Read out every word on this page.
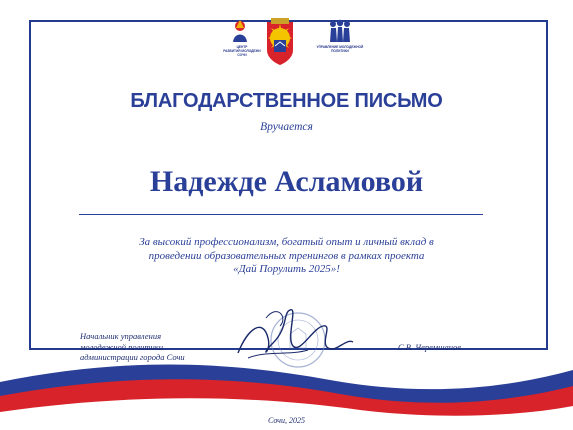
ЦЕНТР
РАЗВИТИЯ МОЛОДЕЖИ
СОЧИ
УПРАВЛЕНИЕ МОЛОДЕЖНОЙ
ПОЛИТИКИ
БЛАГОДАРСТВЕННОЕ ПИСЬМО
Вручается
Надежде Асламовой
За высокий профессионализм, богатый опыт и личный вклад в
проведении образовательных тренингов в рамках проекта
«Дай Порулить 2025»!
Начальник управления
молодежной политики
администрации города Сочи
С.В. Черемшанов
Сочи, 2025
